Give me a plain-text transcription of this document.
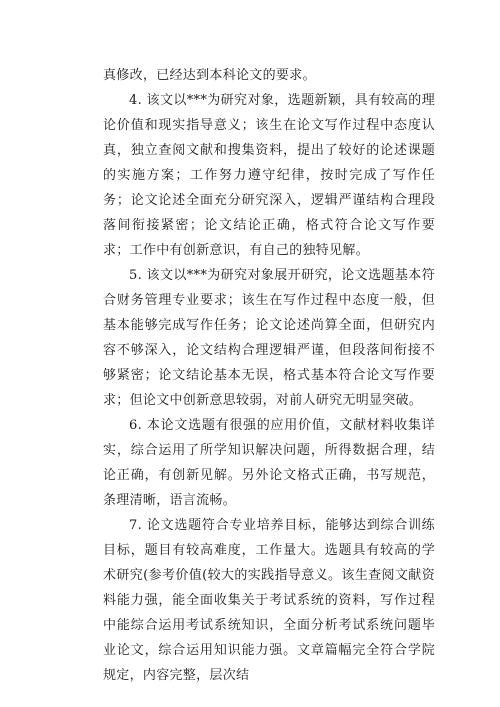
真修改，已经达到本科论文的要求。

4. 该文以***为研究对象，选题新颖，具有较高的理论价值和现实指导意义；该生在论文写作过程中态度认真，独立查阅文献和搜集资料，提出了较好的论述课题的实施方案；工作努力遵守纪律，按时完成了写作任务；论文论述全面充分研究深入，逻辑严谨结构合理段落间衔接紧密；论文结论正确，格式符合论文写作要求；工作中有创新意识，有自己的独特见解。

5. 该文以***为研究对象展开研究，论文选题基本符合财务管理专业要求；该生在写作过程中态度一般，但基本能够完成写作任务；论文论述尚算全面，但研究内容不够深入，论文结构合理逻辑严谨，但段落间衔接不够紧密；论文结论基本无误，格式基本符合论文写作要求；但论文中创新意思较弱，对前人研究无明显突破。

6. 本论文选题有很强的应用价值，文献材料收集详实，综合运用了所学知识解决问题，所得数据合理，结论正确，有创新见解。另外论文格式正确，书写规范，条理清晰，语言流畅。

7. 论文选题符合专业培养目标，能够达到综合训练目标，题目有较高难度，工作量大。选题具有较高的学术研究(参考价值(较大的实践指导意义。该生查阅文献资料能力强，能全面收集关于考试系统的资料，写作过程中能综合运用考试系统知识，全面分析考试系统问题毕业论文，综合运用知识能力强。文章篇幅完全符合学院规定，内容完整，层次结
